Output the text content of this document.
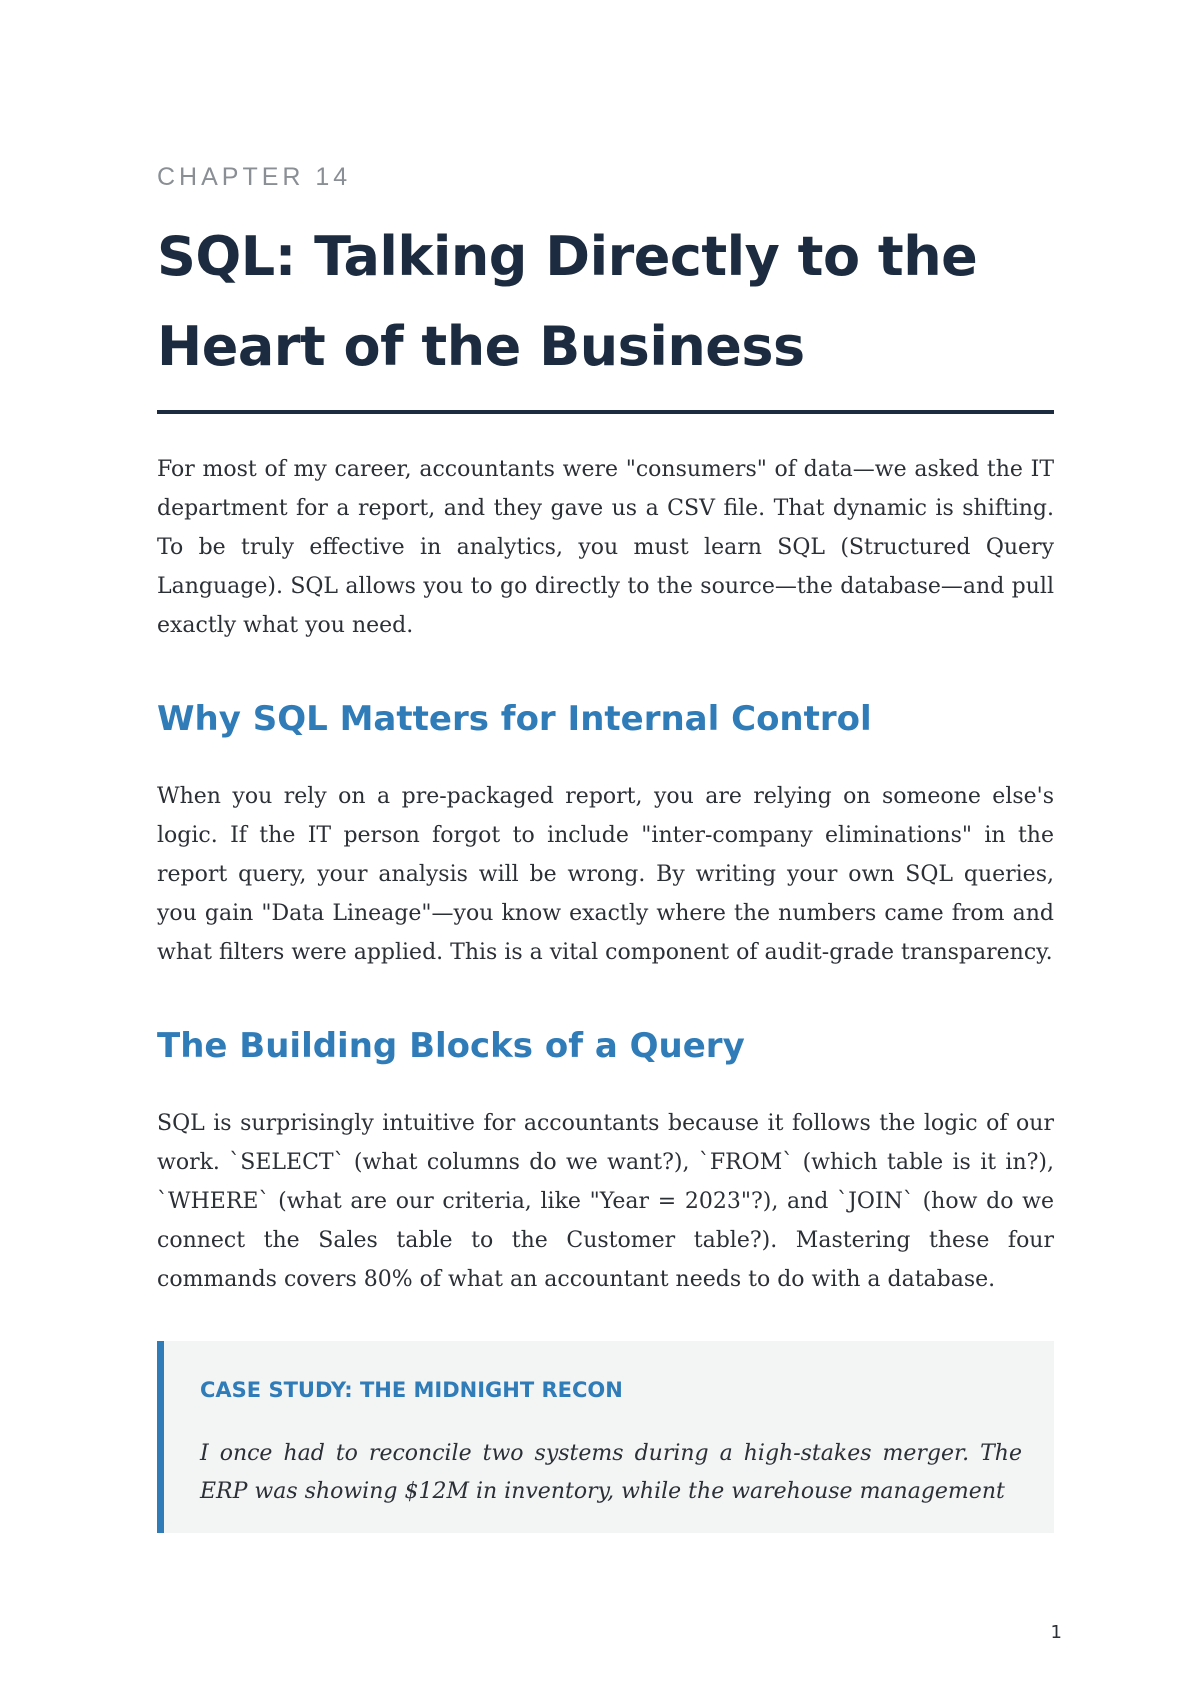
CHAPTER 14

SQL: Talking Directly to the Heart of the Business

For most of my career, accountants were "consumers" of data—we asked the IT department for a report, and they gave us a CSV file. That dynamic is shifting. To be truly effective in analytics, you must learn SQL (Structured Query Language). SQL allows you to go directly to the source—the database—and pull exactly what you need.

Why SQL Matters for Internal Control

When you rely on a pre-packaged report, you are relying on someone else's logic. If the IT person forgot to include "inter-company eliminations" in the report query, your analysis will be wrong. By writing your own SQL queries, you gain "Data Lineage"—you know exactly where the numbers came from and what filters were applied. This is a vital component of audit-grade transparency.

The Building Blocks of a Query

SQL is surprisingly intuitive for accountants because it follows the logic of our work. `SELECT` (what columns do we want?), `FROM` (which table is it in?), `WHERE` (what are our criteria, like "Year = 2023"?), and `JOIN` (how do we connect the Sales table to the Customer table?). Mastering these four commands covers 80% of what an accountant needs to do with a database.

CASE STUDY: THE MIDNIGHT RECON

I once had to reconcile two systems during a high-stakes merger. The ERP was showing $12M in inventory, while the warehouse management

1
